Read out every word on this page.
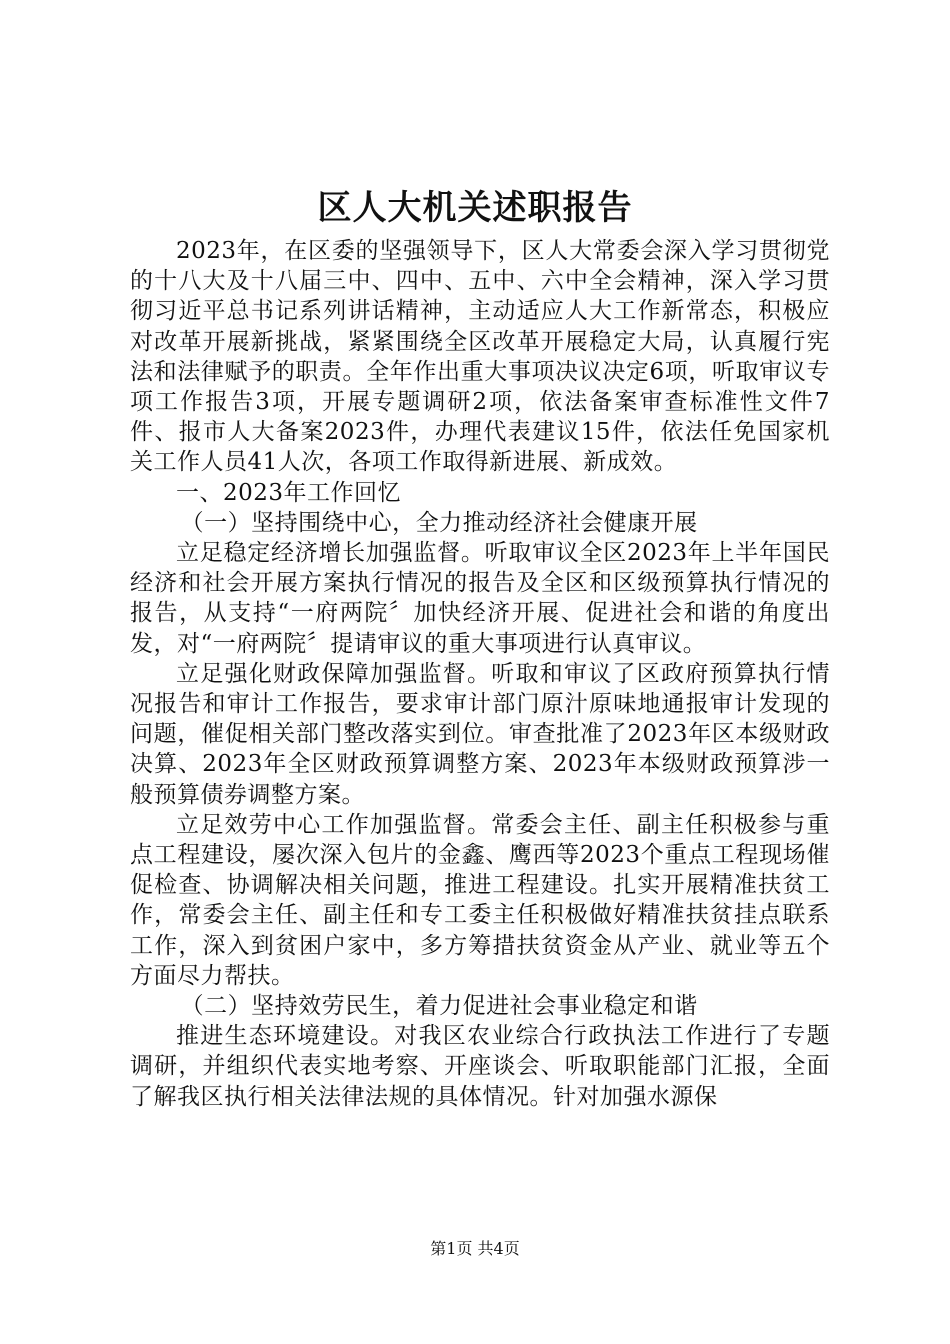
区人大机关述职报告

2023年，在区委的坚强领导下，区人大常委会深入学习贯彻党的十八大及十八届三中、四中、五中、六中全会精神，深入学习贯彻习近平总书记系列讲话精神，主动适应人大工作新常态，积极应对改革开展新挑战，紧紧围绕全区改革开展稳定大局，认真履行宪法和法律赋予的职责。全年作出重大事项决议决定6项，听取审议专项工作报告3项，开展专题调研2项，依法备案审查标准性文件7件、报市人大备案2023件，办理代表建议15件，依法任免国家机关工作人员41人次，各项工作取得新进展、新成效。

一、2023年工作回忆

（一）坚持围绕中心，全力推动经济社会健康开展

立足稳定经济增长加强监督。听取审议全区2023年上半年国民经济和社会开展方案执行情况的报告及全区和区级预算执行情况的报告，从支持“一府两院〞加快经济开展、促进社会和谐的角度出发，对“一府两院〞提请审议的重大事项进行认真审议。

立足强化财政保障加强监督。听取和审议了区政府预算执行情况报告和审计工作报告，要求审计部门原汁原味地通报审计发现的问题，催促相关部门整改落实到位。审查批准了2023年区本级财政决算、2023年全区财政预算调整方案、2023年本级财政预算涉一般预算债券调整方案。

立足效劳中心工作加强监督。常委会主任、副主任积极参与重点工程建设，屡次深入包片的金鑫、鹰西等2023个重点工程现场催促检查、协调解决相关问题，推进工程建设。扎实开展精准扶贫工作，常委会主任、副主任和专工委主任积极做好精准扶贫挂点联系工作，深入到贫困户家中，多方筹措扶贫资金从产业、就业等五个方面尽力帮扶。

（二）坚持效劳民生，着力促进社会事业稳定和谐

推进生态环境建设。对我区农业综合行政执法工作进行了专题调研，并组织代表实地考察、开座谈会、听取职能部门汇报，全面了解我区执行相关法律法规的具体情况。针对加强水源保

第1页 共4页
